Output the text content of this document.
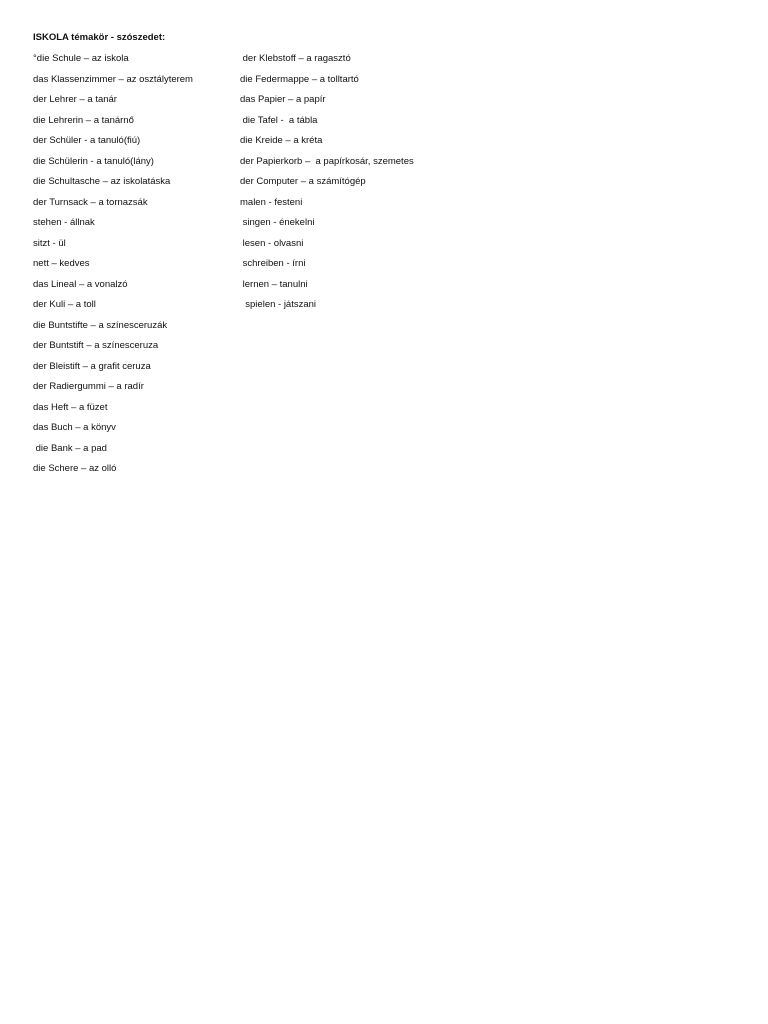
ISKOLA témakör - szószedet:
°die Schule – az iskola
das Klassenzimmer – az osztályterem
der Lehrer – a tanár
die Lehrerin – a tanárnő
der Schüler - a tanuló(fiú)
die Schülerin - a tanuló(lány)
die Schultasche – az iskolatáska
der Turnsack – a tornazsák
stehen - állnak
sitzt - ül
nett – kedves
das Lineal – a vonalzó
der Kuli – a toll
die Buntstifte – a színesceruzák
der Buntstift – a színesceruza
der Bleistift – a grafit ceruza
der Radiergummi – a radír
das Heft – a füzet
das Buch – a könyv
die Bank – a pad
die Schere – az olló
der Klebstoff – a ragasztó
die Federmappe – a tolltartó
das Papier – a papír
die Tafel -  a tábla
die Kreide – a kréta
der Papierkorb –  a papírkosár, szemetes
der Computer – a számítógép
malen - festeni
singen - énekelni
lesen - olvasni
schreiben - írni
lernen – tanulni
spielen - játszani
